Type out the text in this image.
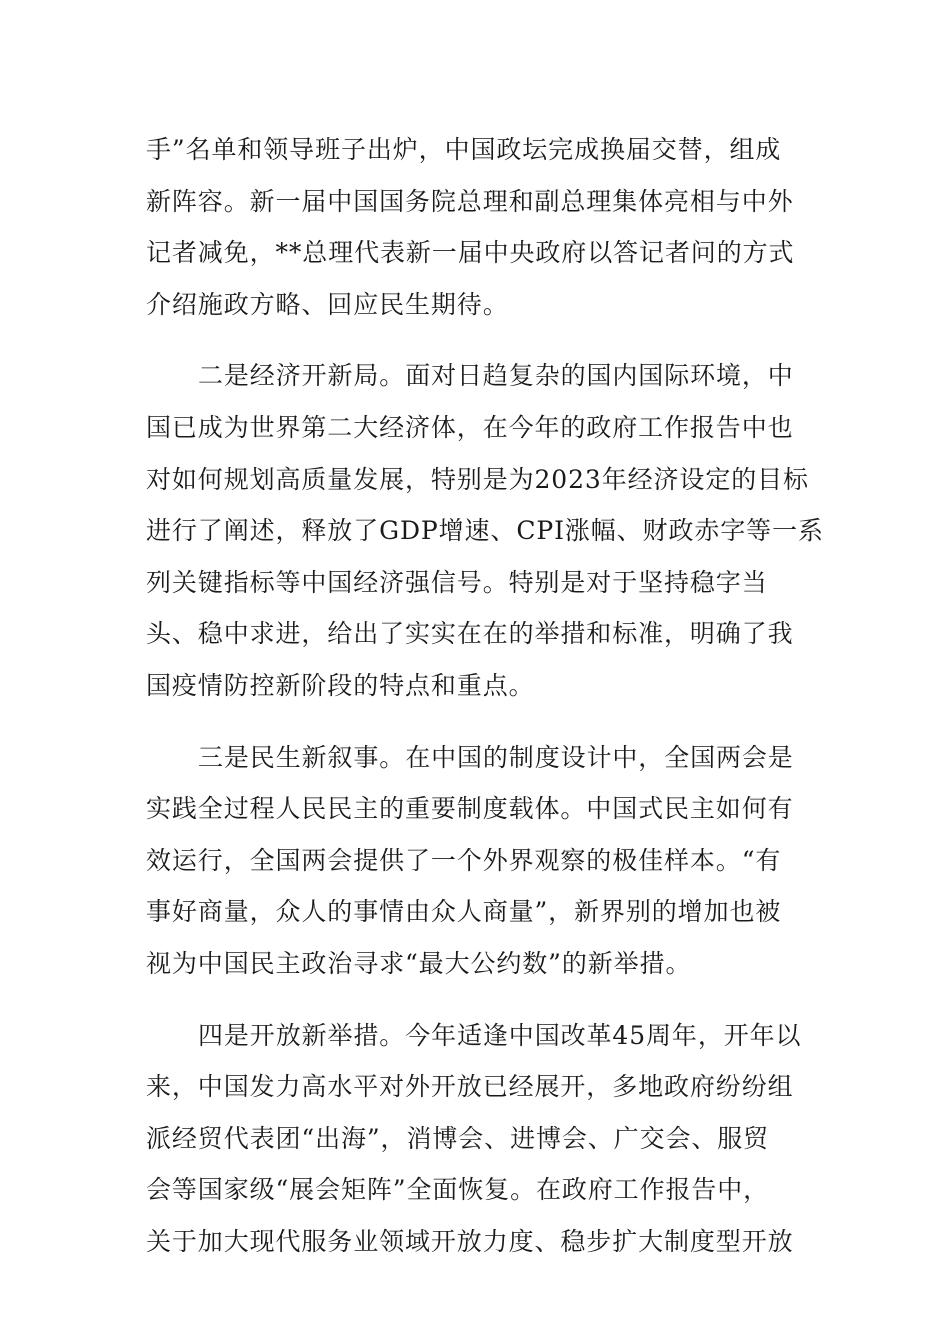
手”名单和领导班子出炉，中国政坛完成换届交替，组成
新阵容。新一届中国国务院总理和副总理集体亮相与中外
记者减免，**总理代表新一届中央政府以答记者问的方式
介绍施政方略、回应民生期待。

二是经济开新局。面对日趋复杂的国内国际环境，中
国已成为世界第二大经济体，在今年的政府工作报告中也
对如何规划高质量发展，特别是为2023年经济设定的目标
进行了阐述，释放了GDP增速、CPI涨幅、财政赤字等一系
列关键指标等中国经济强信号。特别是对于坚持稳字当
头、稳中求进，给出了实实在在的举措和标准，明确了我
国疫情防控新阶段的特点和重点。

三是民生新叙事。在中国的制度设计中，全国两会是
实践全过程人民民主的重要制度载体。中国式民主如何有
效运行，全国两会提供了一个外界观察的极佳样本。“有
事好商量，众人的事情由众人商量”，新界别的增加也被
视为中国民主政治寻求“最大公约数”的新举措。

四是开放新举措。今年适逢中国改革45周年，开年以
来，中国发力高水平对外开放已经展开，多地政府纷纷组
派经贸代表团“出海”，消博会、进博会、广交会、服贸
会等国家级“展会矩阵”全面恢复。在政府工作报告中，
关于加大现代服务业领域开放力度、稳步扩大制度型开放
